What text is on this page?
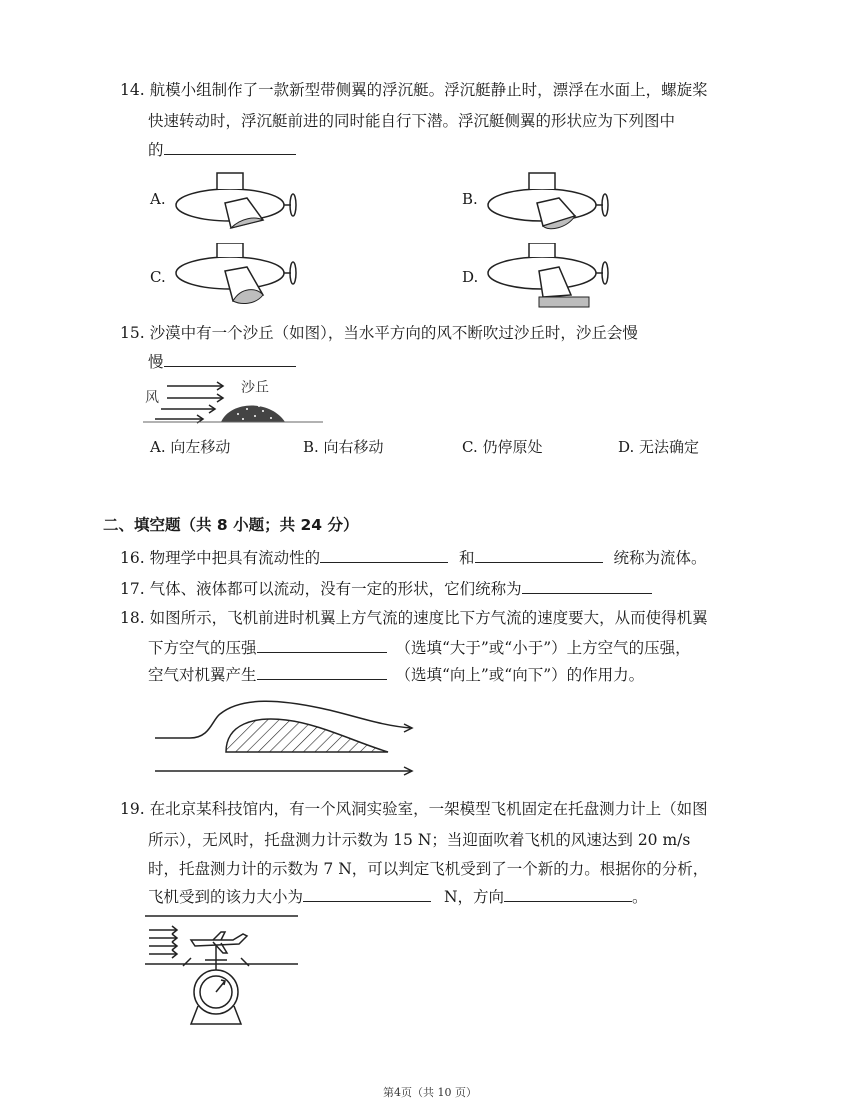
14. 航模小组制作了一款新型带侧翼的浮沉艇。浮沉艇静止时，漂浮在水面上，螺旋桨
快速转动时，浮沉艇前进的同时能自行下潜。浮沉艇侧翼的形状应为下列图中
的
A.	B.
C.	D.
15. 沙漠中有一个沙丘（如图），当水平方向的风不断吹过沙丘时，沙丘会慢
慢
风
沙丘
A. 向左移动	B. 向右移动	C. 仍停原处	D. 无法确定
二、填空题（共 8 小题；共 24 分）
16. 物理学中把具有流动性的	和	统称为流体。
17. 气体、液体都可以流动，没有一定的形状，它们统称为
18. 如图所示，飞机前进时机翼上方气流的速度比下方气流的速度要大，从而使得机翼
下方空气的压强	（选填“大于”或“小于”）上方空气的压强，
空气对机翼产生	（选填“向上”或“向下”）的作用力。
19. 在北京某科技馆内，有一个风洞实验室，一架模型飞机固定在托盘测力计上（如图
所示），无风时，托盘测力计示数为 15 N；当迎面吹着飞机的风速达到 20 m/s
时，托盘测力计的示数为 7 N，可以判定飞机受到了一个新的力。根据你的分析，
飞机受到的该力大小为	N，方向	。
第4页（共 10 页）
